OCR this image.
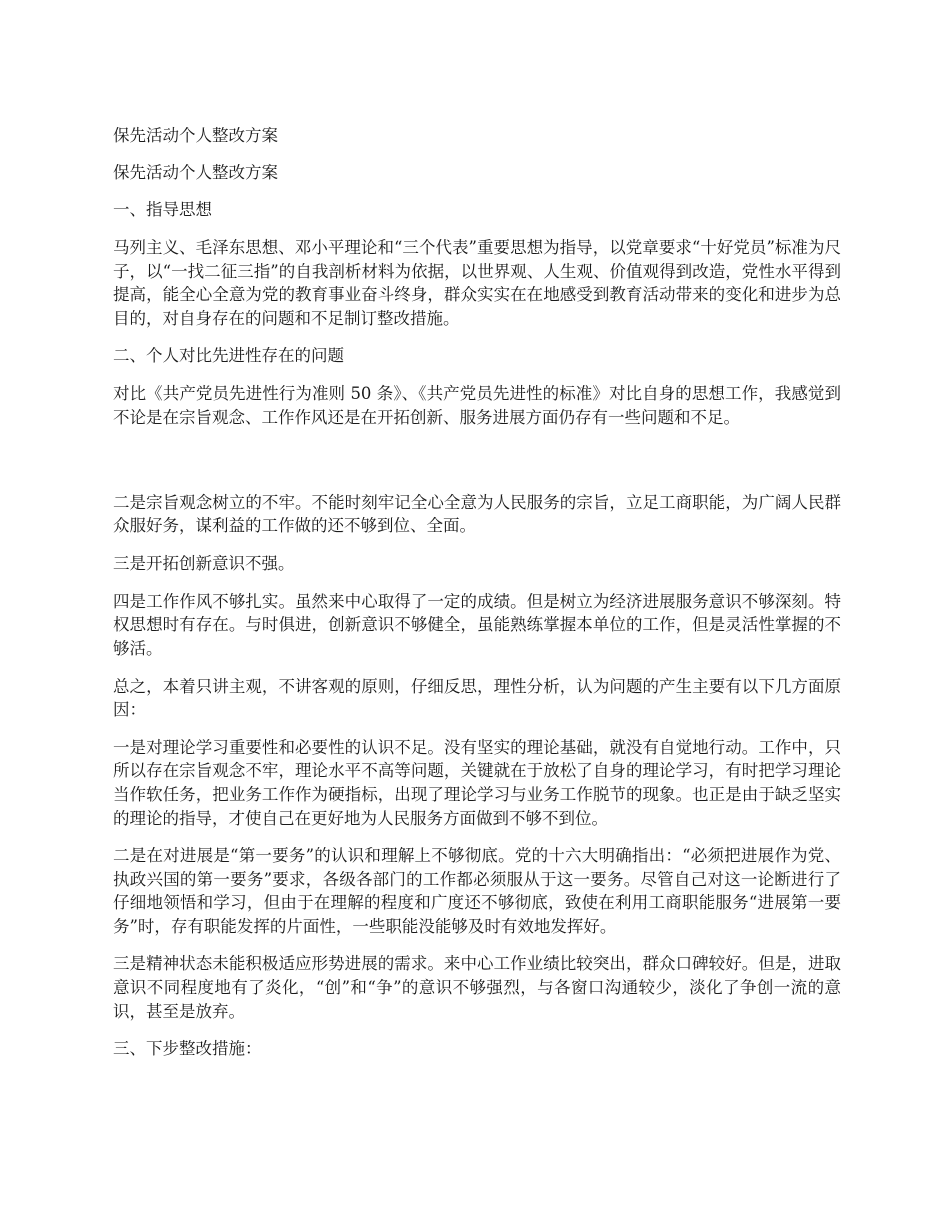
保先活动个人整改方案

保先活动个人整改方案

一、指导思想

马列主义、毛泽东思想、邓小平理论和“三个代表”重要思想为指导，以党章要求“十好党员”标准为尺子，以“一找二征三指”的自我剖析材料为依据，以世界观、人生观、价值观得到改造，党性水平得到提高，能全心全意为党的教育事业奋斗终身，群众实实在在地感受到教育活动带来的变化和进步为总目的，对自身存在的问题和不足制订整改措施。

二、个人对比先进性存在的问题

对比《共产党员先进性行为准则 50 条》、《共产党员先进性的标准》对比自身的思想工作，我感觉到不论是在宗旨观念、工作作风还是在开拓创新、服务进展方面仍存有一些问题和不足。

二是宗旨观念树立的不牢。不能时刻牢记全心全意为人民服务的宗旨，立足工商职能，为广阔人民群众服好务，谋利益的工作做的还不够到位、全面。

三是开拓创新意识不强。

四是工作作风不够扎实。虽然来中心取得了一定的成绩。但是树立为经济进展服务意识不够深刻。特权思想时有存在。与时俱进，创新意识不够健全，虽能熟练掌握本单位的工作，但是灵活性掌握的不够活。

总之，本着只讲主观，不讲客观的原则，仔细反思，理性分析，认为问题的产生主要有以下几方面原因：

一是对理论学习重要性和必要性的认识不足。没有坚实的理论基础，就没有自觉地行动。工作中，只所以存在宗旨观念不牢，理论水平不高等问题，关键就在于放松了自身的理论学习，有时把学习理论当作软任务，把业务工作作为硬指标，出现了理论学习与业务工作脱节的现象。也正是由于缺乏坚实的理论的指导，才使自己在更好地为人民服务方面做到不够不到位。

二是在对进展是“第一要务”的认识和理解上不够彻底。党的十六大明确指出：“必须把进展作为党、执政兴国的第一要务”要求，各级各部门的工作都必须服从于这一要务。尽管自己对这一论断进行了仔细地领悟和学习，但由于在理解的程度和广度还不够彻底，致使在利用工商职能服务“进展第一要务”时，存有职能发挥的片面性，一些职能没能够及时有效地发挥好。

三是精神状态未能积极适应形势进展的需求。来中心工作业绩比较突出，群众口碑较好。但是，进取意识不同程度地有了炎化，“创”和“争”的意识不够强烈，与各窗口沟通较少，淡化了争创一流的意识，甚至是放弃。

三、下步整改措施：
